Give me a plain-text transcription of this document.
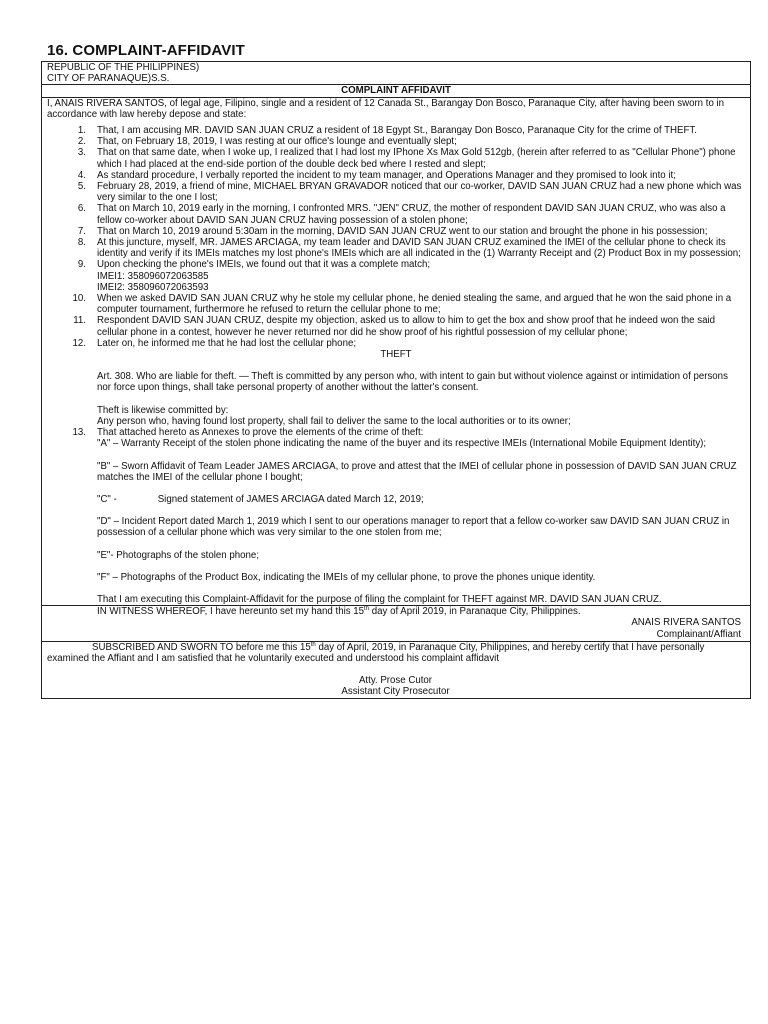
16. COMPLAINT-AFFIDAVIT
REPUBLIC OF THE PHILIPPINES)
CITY OF PARANAQUE)S.S.
COMPLAINT AFFIDAVIT
I, ANAIS RIVERA SANTOS, of legal age, Filipino, single and a resident of 12 Canada St., Barangay Don Bosco, Paranaque City, after having been sworn to in accordance with law hereby depose and state:
1. That, I am accusing MR. DAVID SAN JUAN CRUZ a resident of 18 Egypt St., Barangay Don Bosco, Paranaque City for the crime of THEFT.
2. That, on February 18, 2019, I was resting at our office's lounge and eventually slept;
3. That on that same date, when I woke up, I realized that I had lost my IPhone Xs Max Gold 512gb, (herein after referred to as "Cellular Phone") phone which I had placed at the end-side portion of the double deck bed where I rested and slept;
4. As standard procedure, I verbally reported the incident to my team manager, and Operations Manager and they promised to look into it;
5. February 28, 2019, a friend of mine, MICHAEL BRYAN GRAVADOR noticed that our co-worker, DAVID SAN JUAN CRUZ had a new phone which was very similar to the one I lost;
6. That on March 10, 2019 early in the morning, I confronted MRS. "JEN" CRUZ, the mother of respondent DAVID SAN JUAN CRUZ, who was also a fellow co-worker about DAVID SAN JUAN CRUZ having possession of a stolen phone;
7. That on March 10, 2019 around 5:30am in the morning, DAVID SAN JUAN CRUZ went to our station and brought the phone in his possession;
8. At this juncture, myself, MR. JAMES ARCIAGA, my team leader and DAVID SAN JUAN CRUZ examined the IMEI of the cellular phone to check its identity and verify if its IMEIs matches my lost phone's IMEIs which are all indicated in the (1) Warranty Receipt and (2) Product Box in my possession;
9. Upon checking the phone's IMEIs, we found out that it was a complete match;
IMEI1: 358096072063585
IMEI2: 358096072063593
10. When we asked DAVID SAN JUAN CRUZ why he stole my cellular phone, he denied stealing the same, and argued that he won the said phone in a computer tournament, furthermore he refused to return the cellular phone to me;
11. Respondent DAVID SAN JUAN CRUZ, despite my objection, asked us to allow to him to get the box and show proof that he indeed won the said cellular phone in a contest, however he never returned nor did he show proof of his rightful possession of my cellular phone;
12. Later on, he informed me that he had lost the cellular phone;
THEFT
Art. 308. Who are liable for theft. — Theft is committed by any person who, with intent to gain but without violence against or intimidation of persons nor force upon things, shall take personal property of another without the latter's consent.
Theft is likewise committed by:
Any person who, having found lost property, shall fail to deliver the same to the local authorities or to its owner;
13. That attached hereto as Annexes to prove the elements of the crime of theft:
"A" – Warranty Receipt of the stolen phone indicating the name of the buyer and its respective IMEIs (International Mobile Equipment Identity);
"B" – Sworn Affidavit of Team Leader JAMES ARCIAGA, to prove and attest that the IMEI of cellular phone in possession of DAVID SAN JUAN CRUZ matches the IMEI of the cellular phone I bought;
"C" -	Signed statement of JAMES ARCIAGA dated March 12, 2019;
"D" – Incident Report dated March 1, 2019 which I sent to our operations manager to report that a fellow co-worker saw DAVID SAN JUAN CRUZ in possession of a cellular phone which was very similar to the one stolen from me;
"E"- Photographs of the stolen phone;
"F" – Photographs of the Product Box, indicating the IMEIs of my cellular phone, to prove the phones unique identity.
That I am executing this Complaint-Affidavit for the purpose of filing the complaint for THEFT against MR. DAVID SAN JUAN CRUZ.
IN WITNESS WHEREOF, I have hereunto set my hand this 15th day of April 2019, in Paranaque City, Philippines.
ANAIS RIVERA SANTOS
Complainant/Affiant
SUBSCRIBED AND SWORN TO before me this 15th day of April, 2019, in Paranaque City, Philippines, and hereby certify that I have personally examined the Affiant and I am satisfied that he voluntarily executed and understood his complaint affidavit
Atty. Prose Cutor
Assistant City Prosecutor
